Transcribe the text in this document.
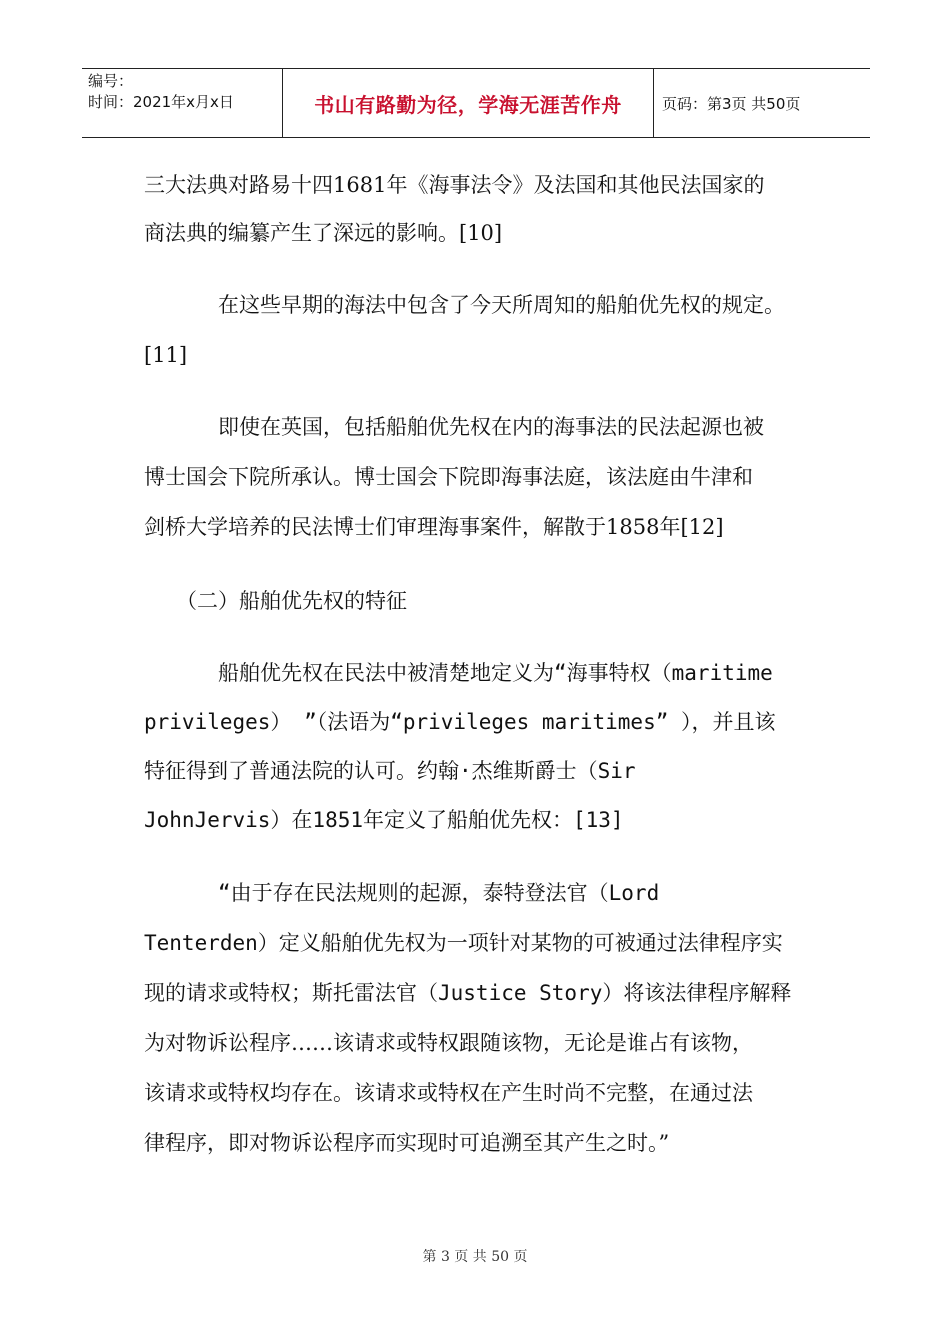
编号：
时间：2021年x月x日	书山有路勤为径，学海无涯苦作舟	页码：第3页 共50页
三大法典对路易十四1681年《海事法令》及法国和其他民法国家的
商法典的编纂产生了深远的影响。[10]
在这些早期的海法中包含了今天所周知的船舶优先权的规定。
[11]
即使在英国，包括船舶优先权在内的海事法的民法起源也被
博士国会下院所承认。博士国会下院即海事法庭，该法庭由牛津和
剑桥大学培养的民法博士们审理海事案件，解散于1858年[12]
（二）船舶优先权的特征
船舶优先权在民法中被清楚地定义为“海事特权（maritime
privileges） ”（法语为“privileges maritimes” ），并且该
特征得到了普通法院的认可。约翰·杰维斯爵士（Sir
JohnJervis）在1851年定义了船舶优先权：[13]
“由于存在民法规则的起源，泰特登法官（Lord
Tenterden）定义船舶优先权为一项针对某物的可被通过法律程序实
现的请求或特权；斯托雷法官（Justice Story）将该法律程序解释
为对物诉讼程序……该请求或特权跟随该物，无论是谁占有该物，
该请求或特权均存在。该请求或特权在产生时尚不完整，在通过法
律程序，即对物诉讼程序而实现时可追溯至其产生之时。”
第 3 页 共 50 页
